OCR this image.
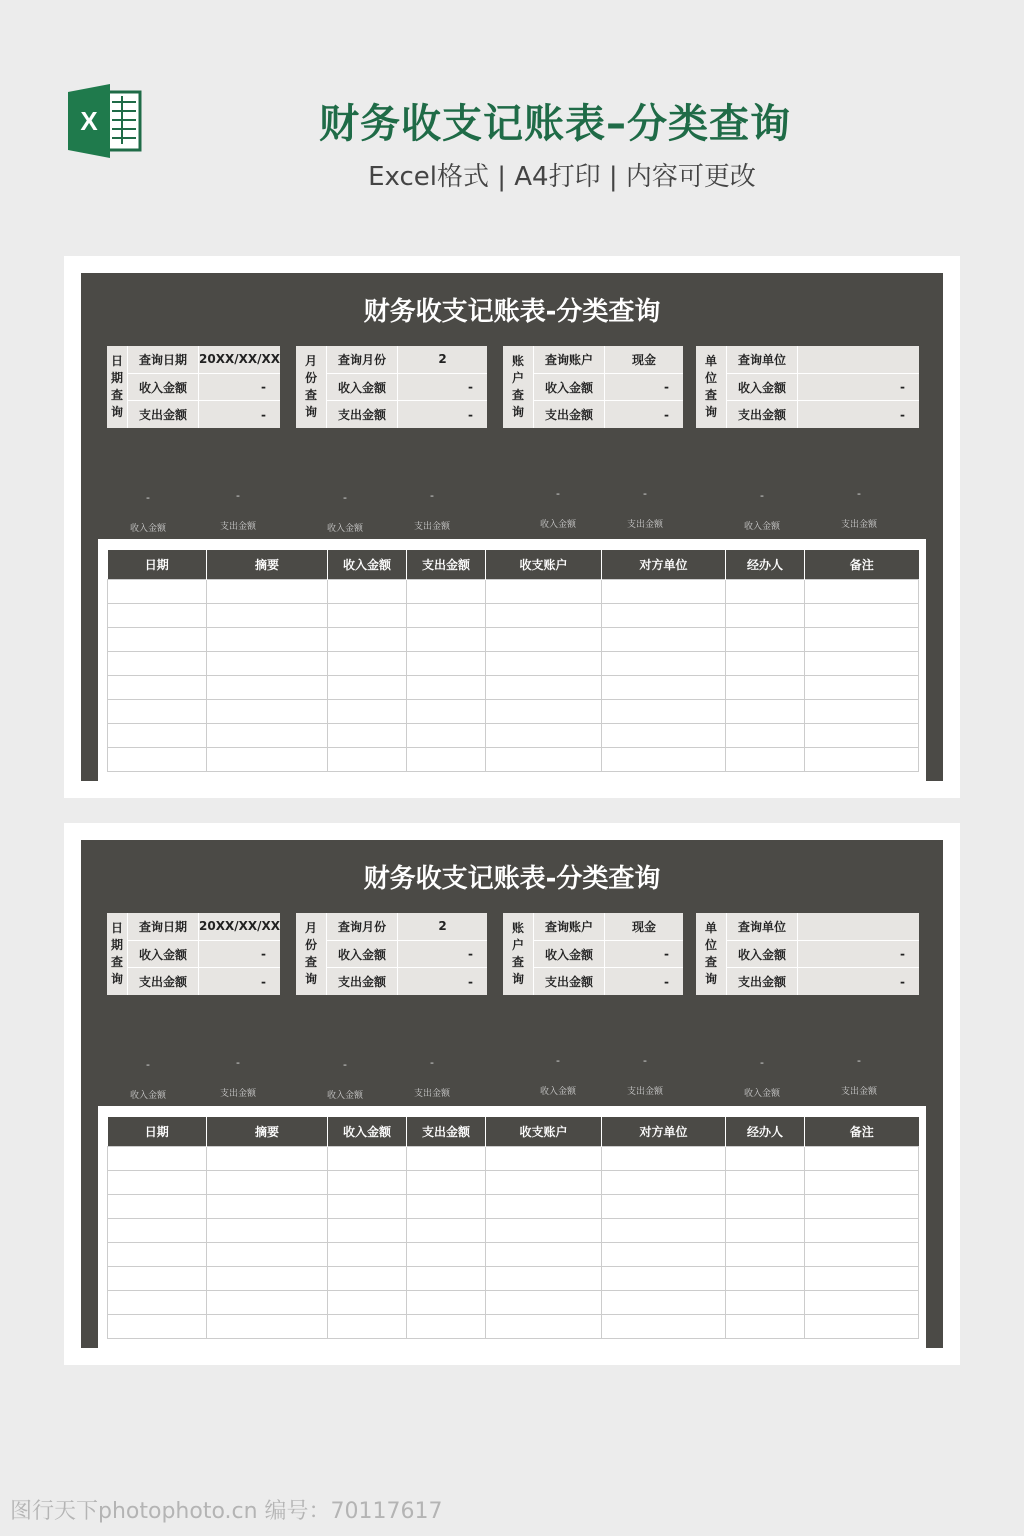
X	财务收支记账表–分类查询
Excel格式 | A4打印 | 内容可更改
财务收支记账表-分类查询
日
期
查
询
查询日期	20XX/XX/XX
收入金额	-
支出金额	-
月
份
查
询
查询月份	2
收入金额	-
支出金额	-
账
户
查
询
查询账户	现金
收入金额	-
支出金额	-
单
位
查
询
查询单位
收入金额	-
支出金额	-
-
收入金额
-
支出金额
-
收入金额
-
支出金额
-
收入金额
-
支出金额
-
收入金额
-
支出金额
日期	摘要	收入金额	支出金额	收支账户	对方单位	经办人	备注

财务收支记账表-分类查询
日
期
查
询
查询日期	20XX/XX/XX
收入金额	-
支出金额	-
月
份
查
询
查询月份	2
收入金额	-
支出金额	-
账
户
查
询
查询账户	现金
收入金额	-
支出金额	-
单
位
查
询
查询单位
收入金额	-
支出金额	-
-
收入金额
-
支出金额
-
收入金额
-
支出金额
-
收入金额
-
支出金额
-
收入金额
-
支出金额
日期	摘要	收入金额	支出金额	收支账户	对方单位	经办人	备注

图行天下photophoto.cn 编号：70117617
